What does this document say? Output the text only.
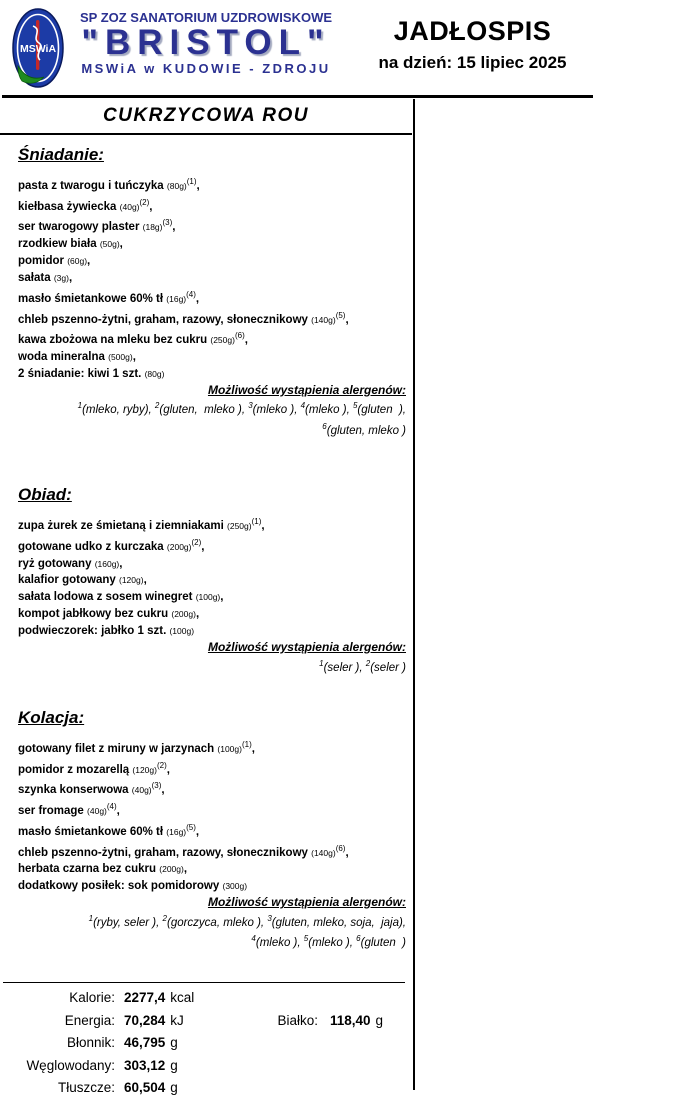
MSWiA
SP ZOZ SANATORIUM UZDROWISKOWE
"BRISTOL"
MSWiA w KUDOWIE - ZDROJU
JADŁOSPIS
na dzień: 15 lipiec 2025
CUKRZYCOWA ROU
Śniadanie:
pasta z twarogu i tuńczyka $(80g)^{(1)}$,
kiełbasa żywiecka $(40g)^{(2)}$,
ser twarogowy plaster $(18g)^{(3)}$,
rzodkiew biała (50g),
pomidor (60g),
sałata (3g),
masło śmietankowe 60% tł $(16g)^{(4)}$,
chleb pszenno-żytni, graham, razowy, słonecznikowy $(140g)^{(5)}$,
kawa zbożowa na mleku bez cukru $(250g)^{(6)}$,
woda mineralna (500g),
2 śniadanie: kiwi 1 szt. (80g)
Możliwość wystąpienia alergenów:
$^1$(mleko, ryby), $^2$(gluten,  mleko ), $^3$(mleko ), $^4$(mleko ), $^5$(gluten  ),
$^6$(gluten, mleko )
Obiad:
zupa żurek ze śmietaną i ziemniakami $(250g)^{(1)}$,
gotowane udko z kurczaka $(200g)^{(2)}$,
ryż gotowany (160g),
kalafior gotowany (120g),
sałata lodowa z sosem winegret (100g),
kompot jabłkowy bez cukru (200g),
podwieczorek: jabłko 1 szt. (100g)
Możliwość wystąpienia alergenów:
$^1$(seler ), $^2$(seler )
Kolacja:
gotowany filet z miruny w jarzynach $(100g)^{(1)}$,
pomidor z mozarellą $(120g)^{(2)}$,
szynka konserwowa $(40g)^{(3)}$,
ser fromage $(40g)^{(4)}$,
masło śmietankowe 60% tł $(16g)^{(5)}$,
chleb pszenno-żytni, graham, razowy, słonecznikowy $(140g)^{(6)}$,
herbata czarna bez cukru (200g),
dodatkowy posiłek: sok pomidorowy (300g)
Możliwość wystąpienia alergenów:
$^1$(ryby, seler ), $^2$(gorczyca, mleko ), $^3$(gluten, mleko, soja,  jaja),
$^4$(mleko ), $^5$(mleko ), $^6$(gluten  )
Kalorie: 2277,4 kcal
Energia: 70,284 kJ	Białko: 118,40 g
Błonnik: 46,795 g
Węglowodany: 303,12 g
Tłuszcze: 60,504 g
